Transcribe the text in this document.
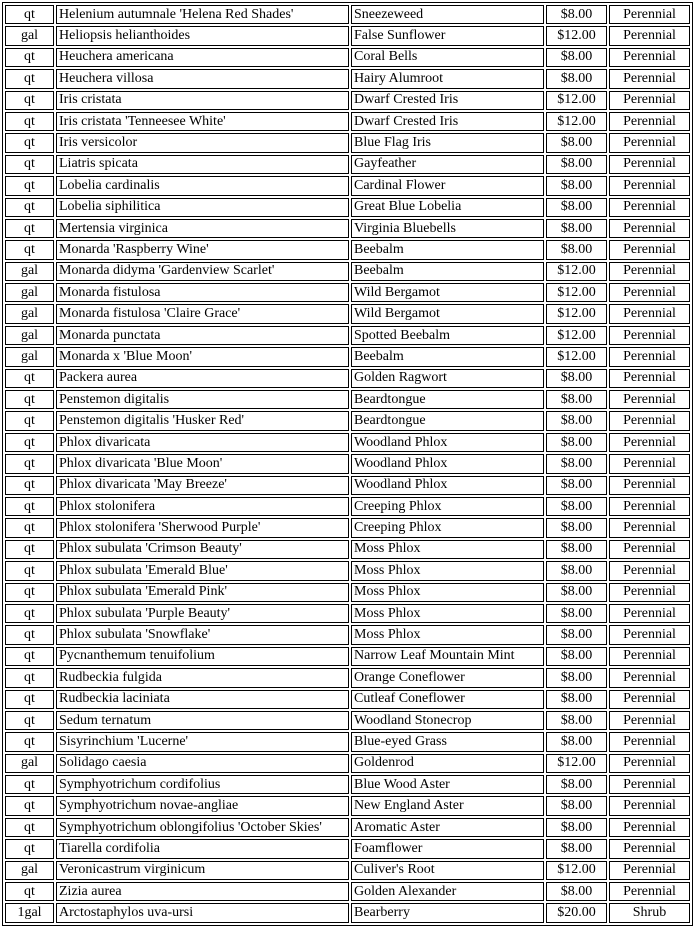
qt	Helenium autumnale 'Helena Red Shades'	Sneezeweed	$8.00	Perennial
gal	Heliopsis helianthoides	False Sunflower	$12.00	Perennial
qt	Heuchera americana	Coral Bells	$8.00	Perennial
qt	Heuchera villosa	Hairy Alumroot	$8.00	Perennial
qt	Iris cristata	Dwarf Crested Iris	$12.00	Perennial
qt	Iris cristata 'Tenneesee White'	Dwarf Crested Iris	$12.00	Perennial
qt	Iris versicolor	Blue Flag Iris	$8.00	Perennial
qt	Liatris spicata	Gayfeather	$8.00	Perennial
qt	Lobelia cardinalis	Cardinal Flower	$8.00	Perennial
qt	Lobelia siphilitica	Great Blue Lobelia	$8.00	Perennial
qt	Mertensia virginica	Virginia Bluebells	$8.00	Perennial
qt	Monarda 'Raspberry Wine'	Beebalm	$8.00	Perennial
gal	Monarda didyma 'Gardenview Scarlet'	Beebalm	$12.00	Perennial
gal	Monarda fistulosa	Wild Bergamot	$12.00	Perennial
gal	Monarda fistulosa 'Claire Grace'	Wild Bergamot	$12.00	Perennial
gal	Monarda punctata	Spotted Beebalm	$12.00	Perennial
gal	Monarda x 'Blue Moon'	Beebalm	$12.00	Perennial
qt	Packera aurea	Golden Ragwort	$8.00	Perennial
qt	Penstemon digitalis	Beardtongue	$8.00	Perennial
qt	Penstemon digitalis 'Husker Red'	Beardtongue	$8.00	Perennial
qt	Phlox divaricata	Woodland Phlox	$8.00	Perennial
qt	Phlox divaricata 'Blue Moon'	Woodland Phlox	$8.00	Perennial
qt	Phlox divaricata 'May Breeze'	Woodland Phlox	$8.00	Perennial
qt	Phlox stolonifera	Creeping Phlox	$8.00	Perennial
qt	Phlox stolonifera 'Sherwood Purple'	Creeping Phlox	$8.00	Perennial
qt	Phlox subulata 'Crimson Beauty'	Moss Phlox	$8.00	Perennial
qt	Phlox subulata 'Emerald Blue'	Moss Phlox	$8.00	Perennial
qt	Phlox subulata 'Emerald Pink'	Moss Phlox	$8.00	Perennial
qt	Phlox subulata 'Purple Beauty'	Moss Phlox	$8.00	Perennial
qt	Phlox subulata 'Snowflake'	Moss Phlox	$8.00	Perennial
qt	Pycnanthemum tenuifolium	Narrow Leaf Mountain Mint	$8.00	Perennial
qt	Rudbeckia fulgida	Orange Coneflower	$8.00	Perennial
qt	Rudbeckia laciniata	Cutleaf Coneflower	$8.00	Perennial
qt	Sedum ternatum	Woodland Stonecrop	$8.00	Perennial
qt	Sisyrinchium 'Lucerne'	Blue-eyed Grass	$8.00	Perennial
gal	Solidago caesia	Goldenrod	$12.00	Perennial
qt	Symphyotrichum cordifolius	Blue Wood Aster	$8.00	Perennial
qt	Symphyotrichum novae-angliae	New England Aster	$8.00	Perennial
qt	Symphyotrichum oblongifolius 'October Skies'	Aromatic Aster	$8.00	Perennial
qt	Tiarella cordifolia	Foamflower	$8.00	Perennial
gal	Veronicastrum virginicum	Culiver's Root	$12.00	Perennial
qt	Zizia aurea	Golden Alexander	$8.00	Perennial
1gal	Arctostaphylos uva-ursi	Bearberry	$20.00	Shrub
